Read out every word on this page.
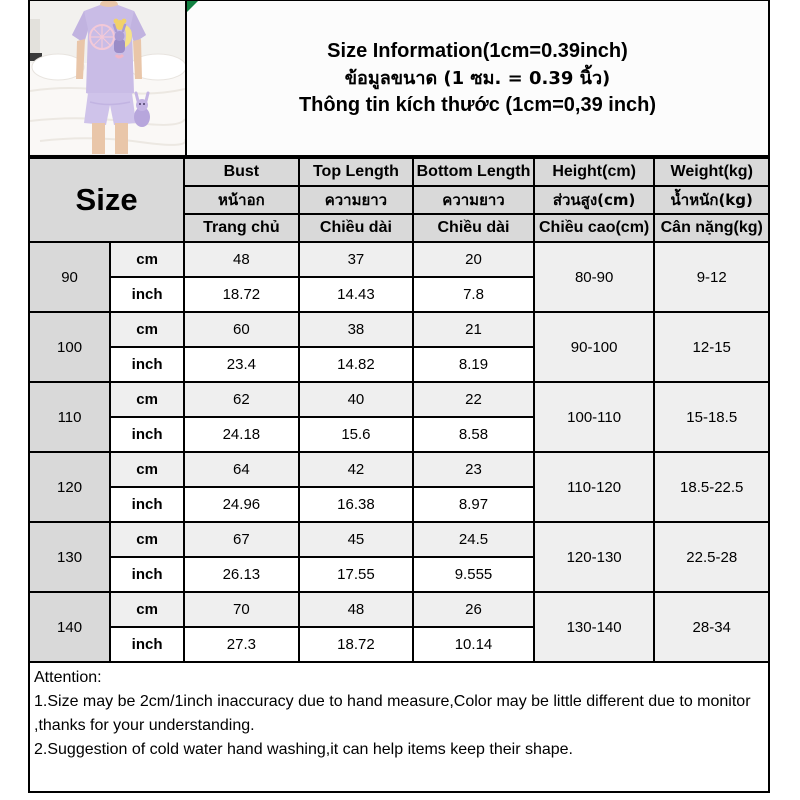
Size Information(1cm=0.39inch)
ข้อมูลขนาด (1 ซม. = 0.39 นิ้ว)
Thông tin kích thước (1cm=0,39 inch)
Size		Bust	Top Length	Bottom Length	Height(cm)	Weight(kg)
		หน้าอก	ความยาว	ความยาว	ส่วนสูง(cm)	น้ำหนัก(kg)
		Trang chủ	Chiều dài	Chiều dài	Chiều cao(cm)	Cân nặng(kg)
90	cm	48	37	20	80-90	9-12
	inch	18.72	14.43	7.8		
100	cm	60	38	21	90-100	12-15
	inch	23.4	14.82	8.19		
110	cm	62	40	22	100-110	15-18.5
	inch	24.18	15.6	8.58		
120	cm	64	42	23	110-120	18.5-22.5
	inch	24.96	16.38	8.97		
130	cm	67	45	24.5	120-130	22.5-28
	inch	26.13	17.55	9.555		
140	cm	70	48	26	130-140	28-34
	inch	27.3	18.72	10.14		

Attention:

1.Size may be 2cm/1inch inaccuracy due to hand measure,Color may be little different due to monitor ,thanks for your understanding.

2.Suggestion of cold water hand washing,it can help items keep their shape.
